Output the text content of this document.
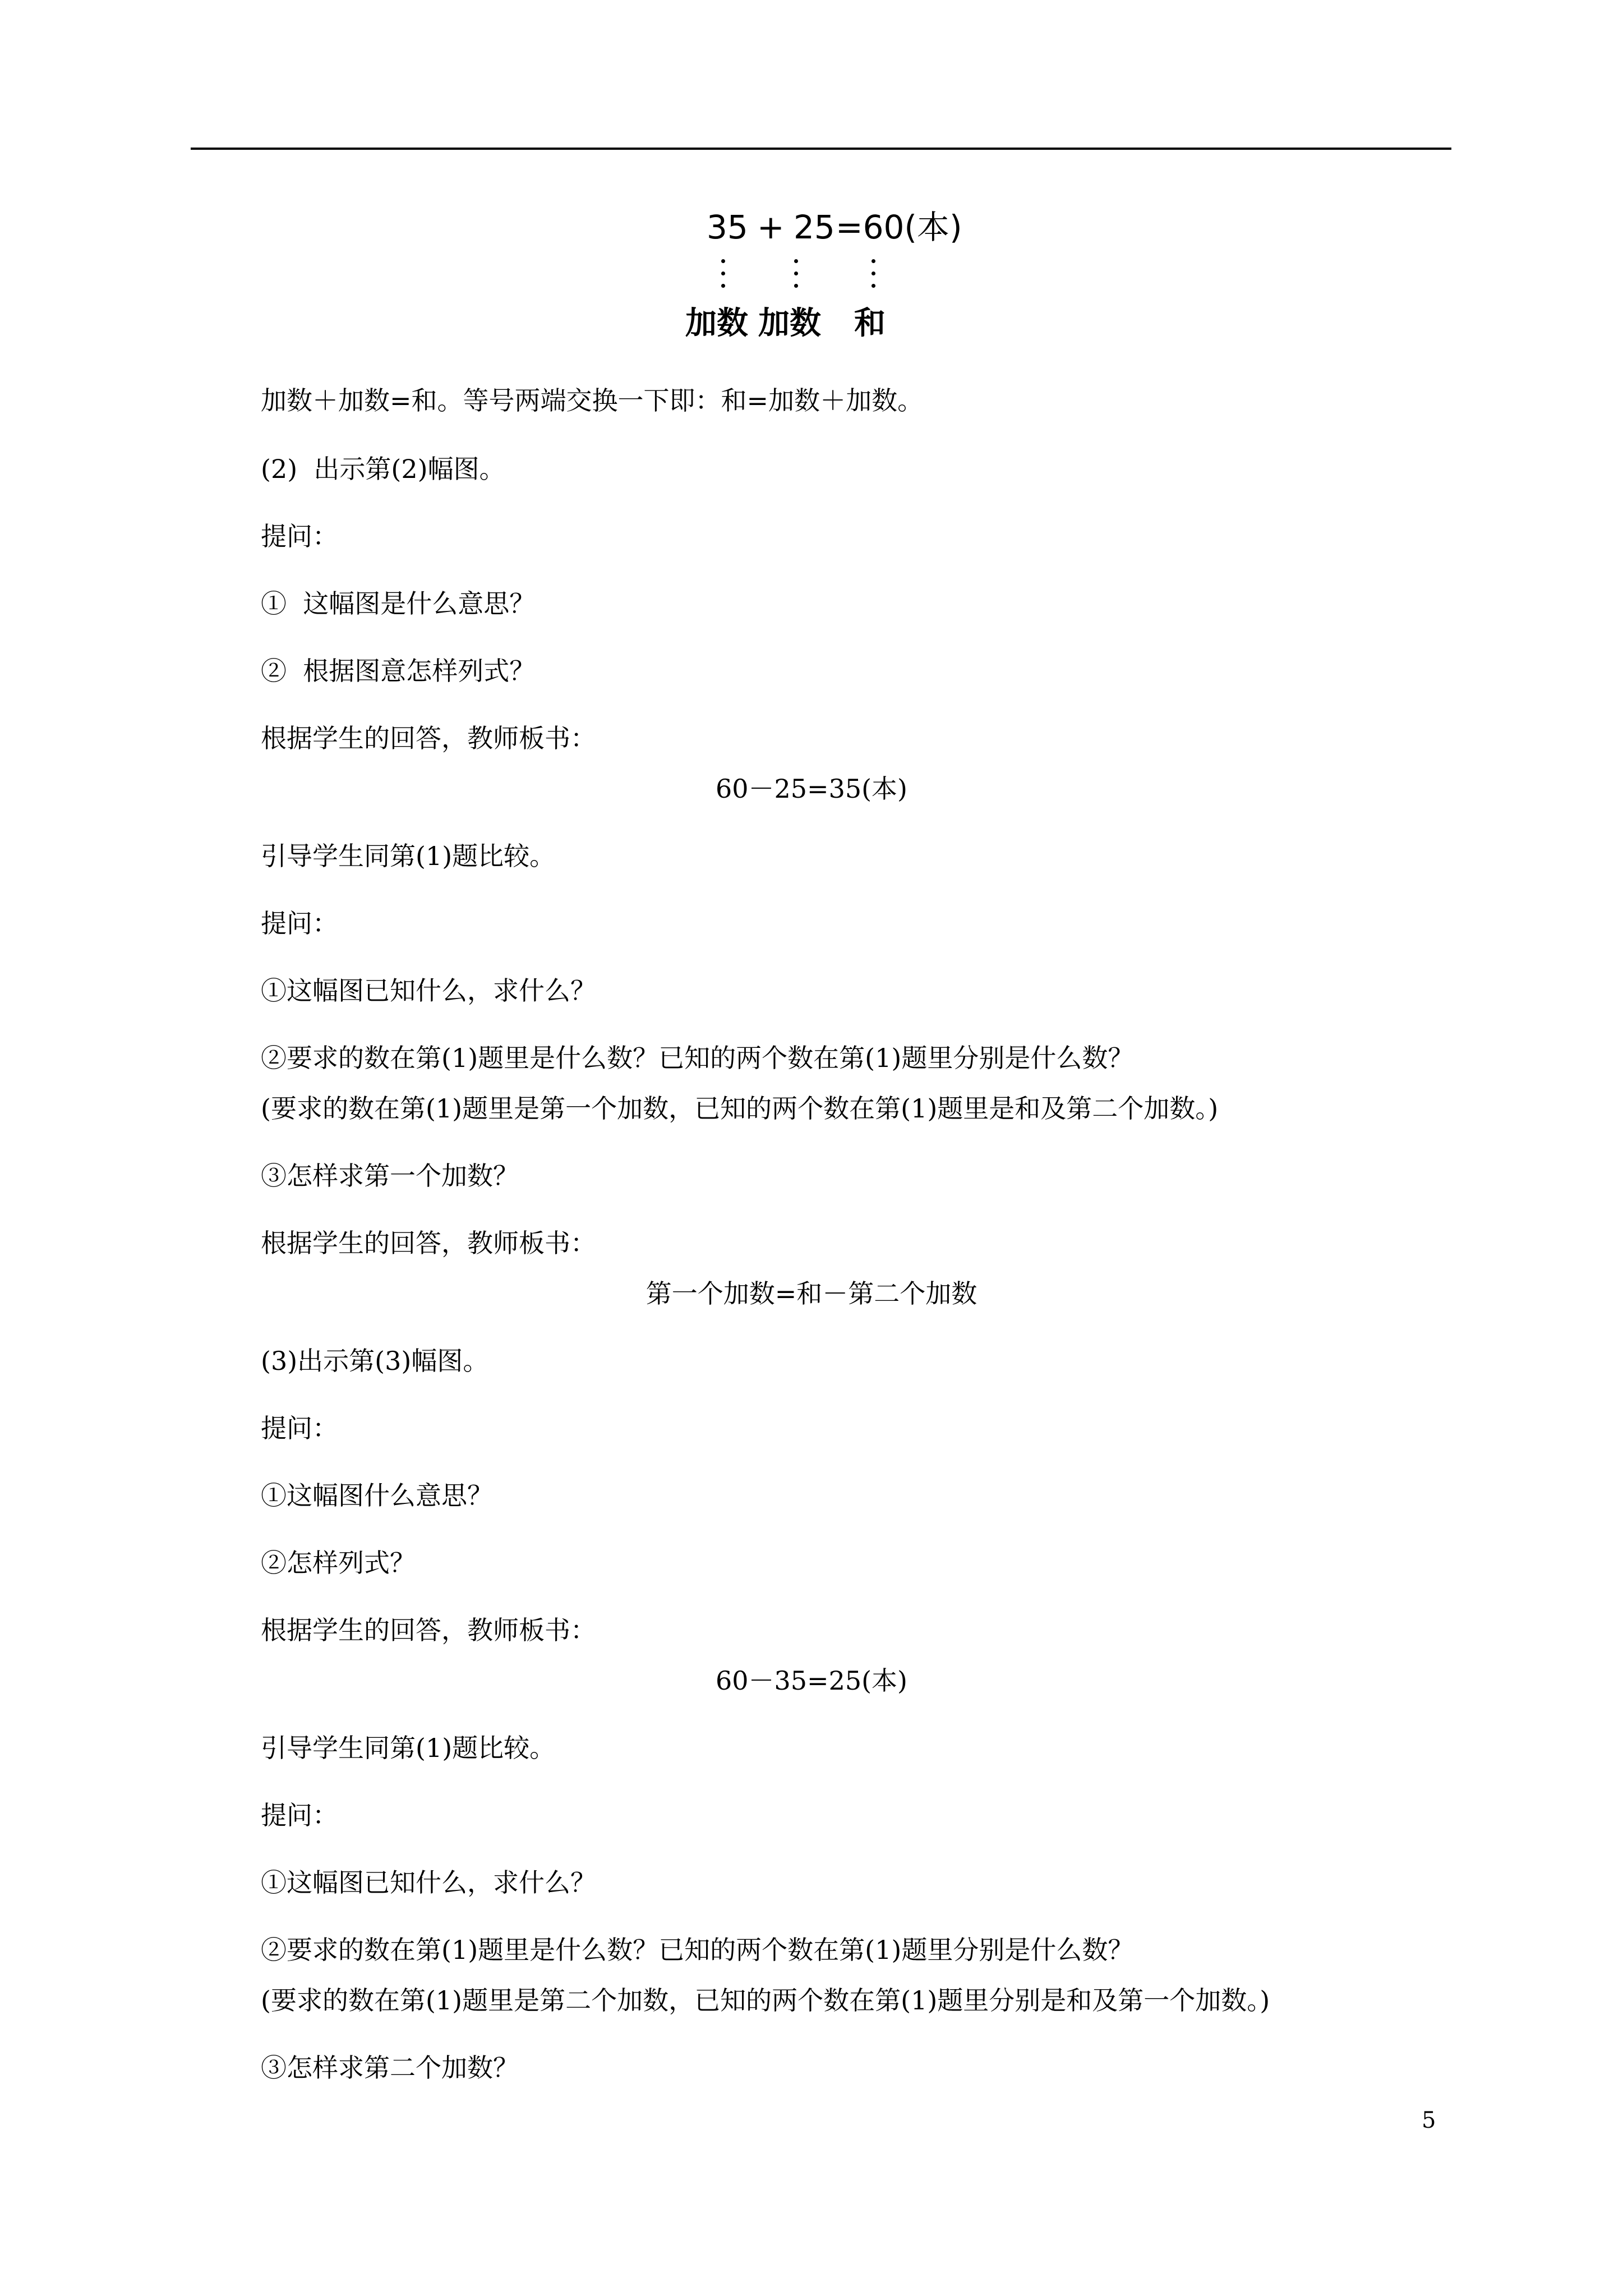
35 + 25 =60(本)
加数 加数 和
加数＋加数=和。等号两端交换一下即：和=加数＋加数。
(2)  出示第(2)幅图。
提问：
①  这幅图是什么意思？
②  根据图意怎样列式？
根据学生的回答，教师板书：
60－25=35(本)
引导学生同第(1)题比较。
提问：
①这幅图已知什么，求什么？
②要求的数在第(1)题里是什么数？已知的两个数在第(1)题里分别是什么数？
(要求的数在第(1)题里是第一个加数，已知的两个数在第(1)题里是和及第二个加数。)
③怎样求第一个加数？
根据学生的回答，教师板书：
第一个加数=和－第二个加数
(3)出示第(3)幅图。
提问：
①这幅图什么意思？
②怎样列式？
根据学生的回答，教师板书：
60－35=25(本)
引导学生同第(1)题比较。
提问：
①这幅图已知什么，求什么？
②要求的数在第(1)题里是什么数？已知的两个数在第(1)题里分别是什么数？
(要求的数在第(1)题里是第二个加数，已知的两个数在第(1)题里分别是和及第一个加数。)
③怎样求第二个加数？
5
